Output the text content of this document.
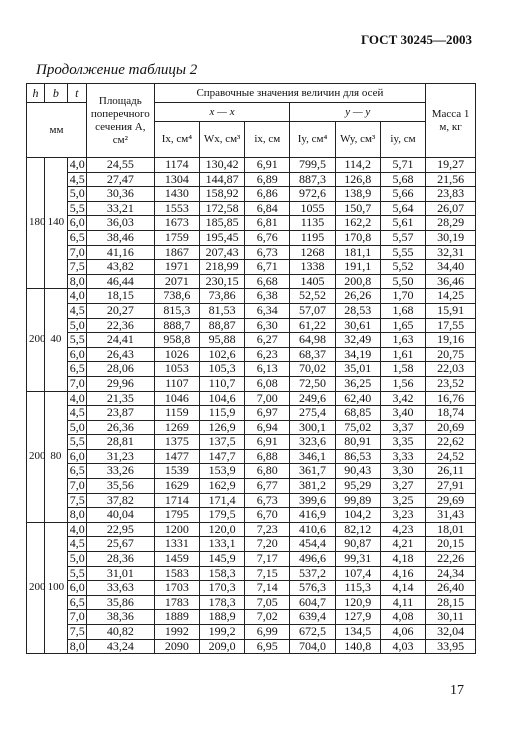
ГОСТ 30245—2003
Продолжение таблицы 2
h	b	t	Площадь поперечного сечения A, см²	Справочные значения величин для осей						Масса 1 м, кг
мм				x — x			y — y			
				Ix, см⁴	Wx, см³	ix, см	Iy, см⁴	Wy, см³	iy, см	
180	140	4,0	24,55	1174	130,42	6,91	799,5	114,2	5,71	19,27
		4,5	27,47	1304	144,87	6,89	887,3	126,8	5,68	21,56
		5,0	30,36	1430	158,92	6,86	972,6	138,9	5,66	23,83
		5,5	33,21	1553	172,58	6,84	1055	150,7	5,64	26,07
		6,0	36,03	1673	185,85	6,81	1135	162,2	5,61	28,29
		6,5	38,46	1759	195,45	6,76	1195	170,8	5,57	30,19
		7,0	41,16	1867	207,43	6,73	1268	181,1	5,55	32,31
		7,5	43,82	1971	218,99	6,71	1338	191,1	5,52	34,40
		8,0	46,44	2071	230,15	6,68	1405	200,8	5,50	36,46
200	40	4,0	18,15	738,6	73,86	6,38	52,52	26,26	1,70	14,25
		4,5	20,27	815,3	81,53	6,34	57,07	28,53	1,68	15,91
		5,0	22,36	888,7	88,87	6,30	61,22	30,61	1,65	17,55
		5,5	24,41	958,8	95,88	6,27	64,98	32,49	1,63	19,16
		6,0	26,43	1026	102,6	6,23	68,37	34,19	1,61	20,75
		6,5	28,06	1053	105,3	6,13	70,02	35,01	1,58	22,03
		7,0	29,96	1107	110,7	6,08	72,50	36,25	1,56	23,52
200	80	4,0	21,35	1046	104,6	7,00	249,6	62,40	3,42	16,76
		4,5	23,87	1159	115,9	6,97	275,4	68,85	3,40	18,74
		5,0	26,36	1269	126,9	6,94	300,1	75,02	3,37	20,69
		5,5	28,81	1375	137,5	6,91	323,6	80,91	3,35	22,62
		6,0	31,23	1477	147,7	6,88	346,1	86,53	3,33	24,52
		6,5	33,26	1539	153,9	6,80	361,7	90,43	3,30	26,11
		7,0	35,56	1629	162,9	6,77	381,2	95,29	3,27	27,91
		7,5	37,82	1714	171,4	6,73	399,6	99,89	3,25	29,69
		8,0	40,04	1795	179,5	6,70	416,9	104,2	3,23	31,43
200	100	4,0	22,95	1200	120,0	7,23	410,6	82,12	4,23	18,01
		4,5	25,67	1331	133,1	7,20	454,4	90,87	4,21	20,15
		5,0	28,36	1459	145,9	7,17	496,6	99,31	4,18	22,26
		5,5	31,01	1583	158,3	7,15	537,2	107,4	4,16	24,34
		6,0	33,63	1703	170,3	7,14	576,3	115,3	4,14	26,40
		6,5	35,86	1783	178,3	7,05	604,7	120,9	4,11	28,15
		7,0	38,36	1889	188,9	7,02	639,4	127,9	4,08	30,11
		7,5	40,82	1992	199,2	6,99	672,5	134,5	4,06	32,04
		8,0	43,24	2090	209,0	6,95	704,0	140,8	4,03	33,95
17
